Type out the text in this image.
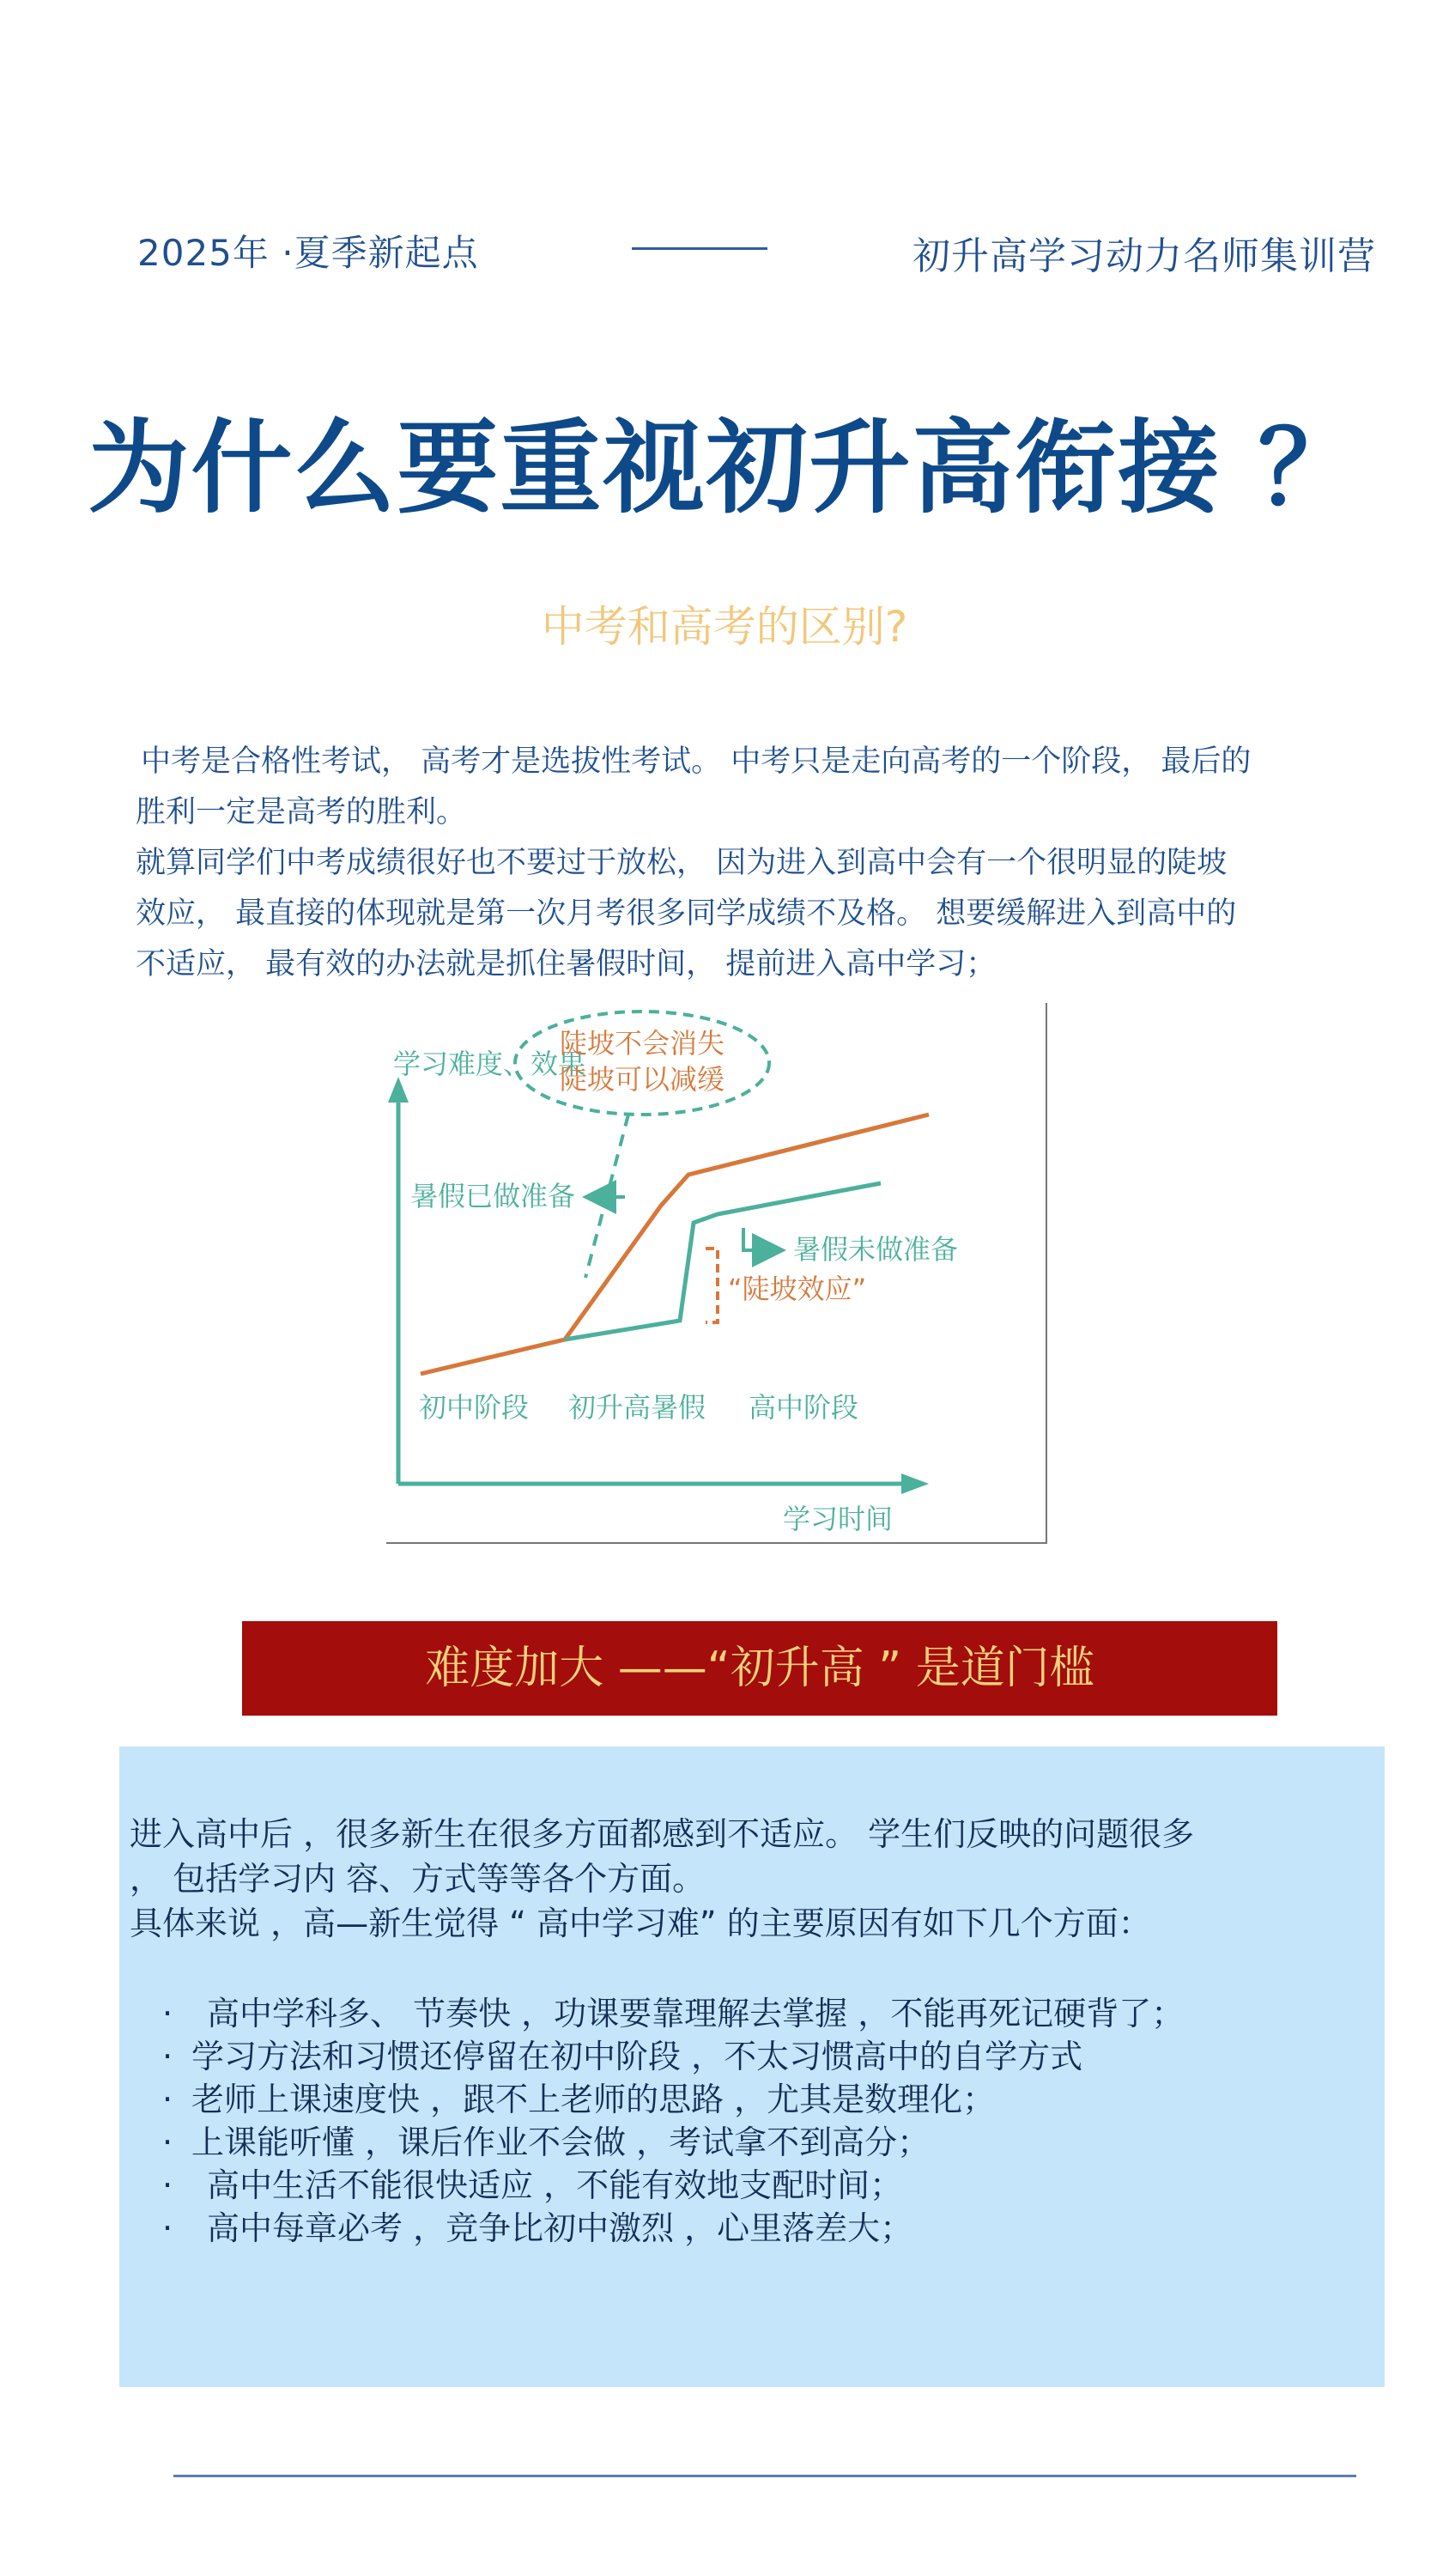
2025年 ·夏季新起点	初升高学习动力名师集训营
为什么要重视初升高衔接 ？
中考和高考的区别?

中考是合格性考试， 高考才是选拔性考试。 中考只是走向高考的一个阶段， 最后的

胜利一定是高考的胜利。

就算同学们中考成绩很好也不要过于放松， 因为进入到高中会有一个很明显的陡坡

效应， 最直接的体现就是第一次月考很多同学成绩不及格。 想要缓解进入到高中的

不适应， 最有效的办法就是抓住暑假时间， 提前进入高中学习；

学习难度、效果
陡坡不会消失
陡坡可以减缓
暑假已做准备
暑假未做准备
“陡坡效应”
初中阶段 初升高暑假 高中阶段
学习时间
难度加大 ——“初升高 ” 是道门槛

进入高中后 ，很多新生在很多方面都感到不适应。 学生们反映的问题很多

， 包括学习内 容、方式等等各个方面。

具体来说 ，高—新生觉得 “ 高中学习难” 的主要原因有如下几个方面：

· 高中学科多、 节奏快 ，功课要靠理解去掌握 ，不能再死记硬背了；
· 学习方法和习惯还停留在初中阶段 ，不太习惯高中的自学方式
· 老师上课速度快 ，跟不上老师的思路 ，尤其是数理化；
· 上课能听懂 ，课后作业不会做 ，考试拿不到高分；
· 高中生活不能很快适应 ，不能有效地支配时间；
· 高中每章必考 ，竞争比初中激烈 ，心里落差大；
